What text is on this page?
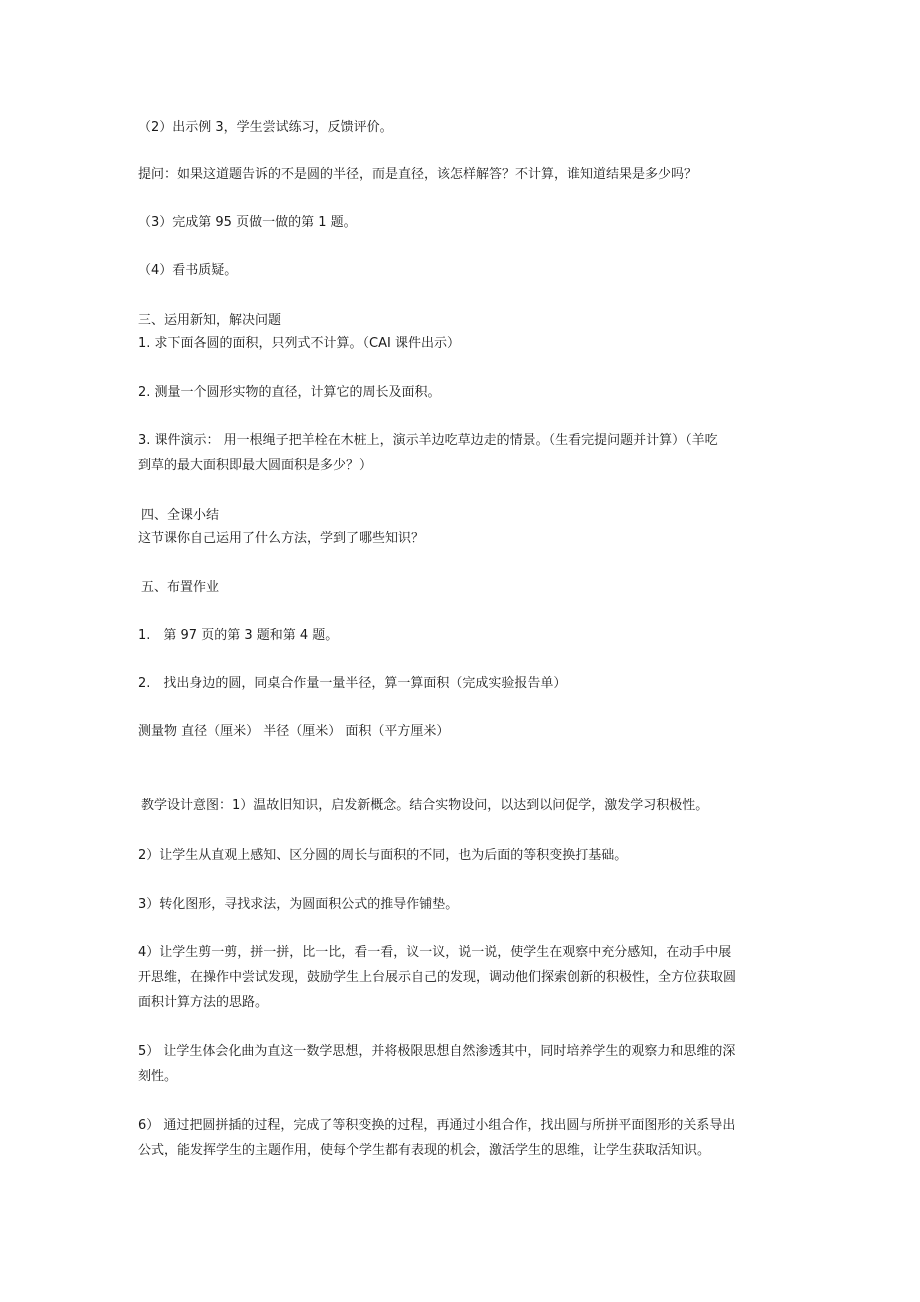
（2）出示例 3，学生尝试练习，反馈评价。

提问：如果这道题告诉的不是圆的半径，而是直径，该怎样解答？不计算，谁知道结果是多少吗？

（3）完成第 95 页做一做的第 1 题。

（4）看书质疑。

三、运用新知，解决问题

1. 求下面各圆的面积，只列式不计算。（CAI 课件出示）

2. 测量一个圆形实物的直径，计算它的周长及面积。

3. 课件演示： 用一根绳子把羊栓在木桩上，演示羊边吃草边走的情景。（生看完提问题并计算）（羊吃

到草的最大面积即最大圆面积是多少？）

四、全课小结

这节课你自己运用了什么方法，学到了哪些知识？

五、布置作业

1.　第 97 页的第 3 题和第 4 题。

2.　找出身边的圆，同桌合作量一量半径，算一算面积（完成实验报告单）

测量物 直径（厘米） 半径（厘米） 面积（平方厘米）

教学设计意图：1）温故旧知识，启发新概念。结合实物设问，以达到以问促学，激发学习积极性。

2）让学生从直观上感知、区分圆的周长与面积的不同，也为后面的等积变换打基础。

3）转化图形，寻找求法，为圆面积公式的推导作铺垫。

4）让学生剪一剪，拼一拼，比一比，看一看，议一议，说一说，使学生在观察中充分感知，在动手中展

开思维，在操作中尝试发现，鼓励学生上台展示自己的发现，调动他们探索创新的积极性，全方位获取圆

面积计算方法的思路。

5） 让学生体会化曲为直这一数学思想，并将极限思想自然渗透其中，同时培养学生的观察力和思维的深

刻性。

6） 通过把圆拼插的过程，完成了等积变换的过程，再通过小组合作，找出圆与所拼平面图形的关系导出

公式，能发挥学生的主题作用，使每个学生都有表现的机会，激活学生的思维，让学生获取活知识。
